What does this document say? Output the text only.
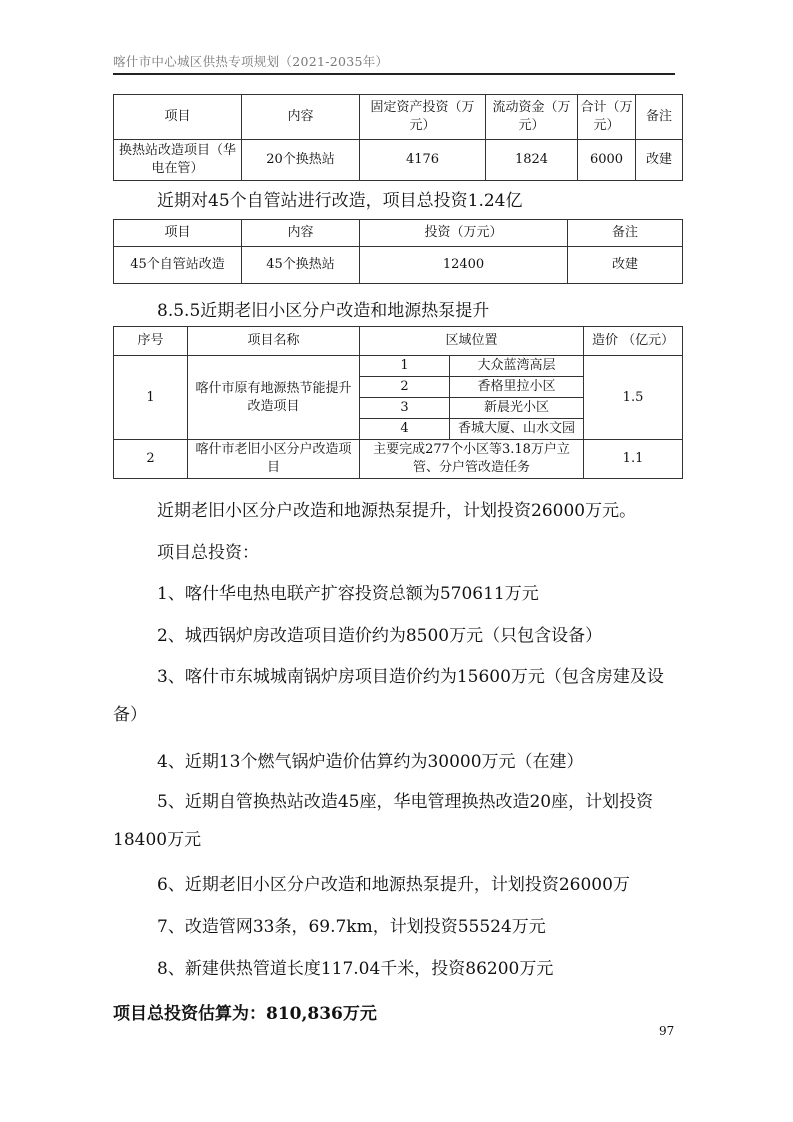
喀什市中心城区供热专项规划（2021-2035年）
项目	内容	固定资产投资（万元）	流动资金（万元）	合计（万元）	备注
换热站改造项目（华电在管）	20个换热站	4176	1824	6000	改建
近期对45个自管站进行改造，项目总投资1.24亿
项目	内容	投资（万元）	备注
45个自管站改造	45个换热站	12400	改建
8.5.5近期老旧小区分户改造和地源热泵提升
序号	项目名称	区域位置		造价 （亿元）
1	喀什市原有地源热节能提升改造项目	1	大众蓝湾高层	1.5
		2	香格里拉小区	
		3	新晨光小区	
		4	香城大厦、山水文园	
2	喀什市老旧小区分户改造项目	主要完成277个小区等3.18万户立管、分户管改造任务		1.1
近期老旧小区分户改造和地源热泵提升，计划投资26000万元。
项目总投资：
1、喀什华电热电联产扩容投资总额为570611万元
2、城西锅炉房改造项目造价约为8500万元（只包含设备）
3、喀什市东城城南锅炉房项目造价约为15600万元（包含房建及设备）
4、近期13个燃气锅炉造价估算约为30000万元（在建）
5、近期自管换热站改造45座，华电管理换热改造20座，计划投资18400万元
6、近期老旧小区分户改造和地源热泵提升，计划投资26000万
7、改造管网33条，69.7km，计划投资55524万元
8、新建供热管道长度117.04千米，投资86200万元
项目总投资估算为：810,836万元
97
